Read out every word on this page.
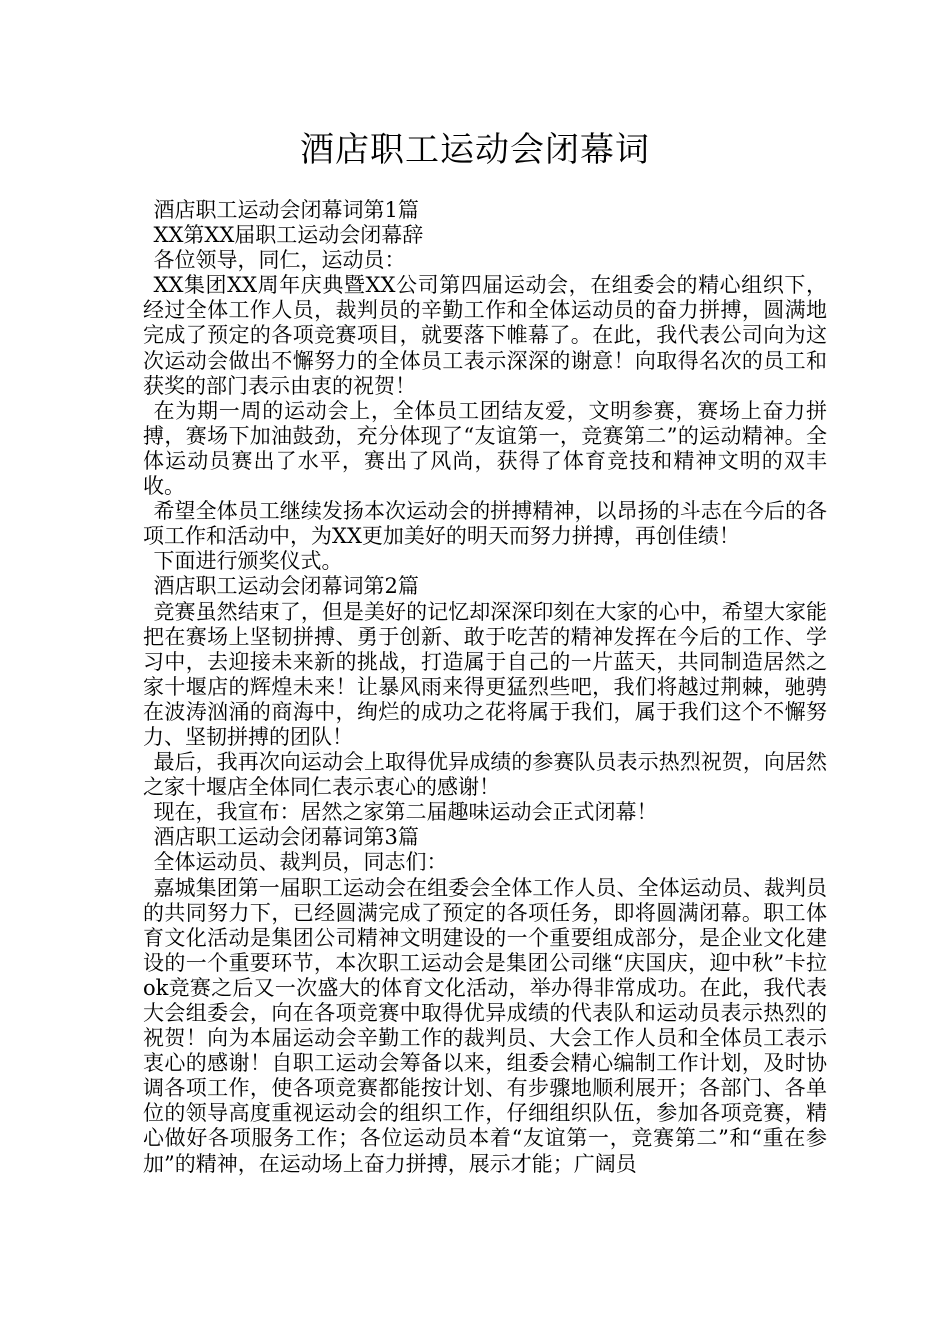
酒店职工运动会闭幕词

酒店职工运动会闭幕词第1篇

XX第XX届职工运动会闭幕辞

各位领导，同仁，运动员：

XX集团XX周年庆典暨XX公司第四届运动会，在组委会的精心组织下，经过全体工作人员，裁判员的辛勤工作和全体运动员的奋力拼搏，圆满地完成了预定的各项竞赛项目，就要落下帷幕了。在此，我代表公司向为这次运动会做出不懈努力的全体员工表示深深的谢意！向取得名次的员工和获奖的部门表示由衷的祝贺！

在为期一周的运动会上，全体员工团结友爱，文明参赛，赛场上奋力拼搏，赛场下加油鼓劲，充分体现了“友谊第一，竞赛第二”的运动精神。全体运动员赛出了水平，赛出了风尚，获得了体育竞技和精神文明的双丰收。

希望全体员工继续发扬本次运动会的拼搏精神，以昂扬的斗志在今后的各项工作和活动中，为XX更加美好的明天而努力拼搏，再创佳绩！

下面进行颁奖仪式。

酒店职工运动会闭幕词第2篇

竞赛虽然结束了，但是美好的记忆却深深印刻在大家的心中，希望大家能把在赛场上坚韧拼搏、勇于创新、敢于吃苦的精神发挥在今后的工作、学习中，去迎接未来新的挑战，打造属于自己的一片蓝天，共同制造居然之家十堰店的辉煌未来！让暴风雨来得更猛烈些吧，我们将越过荆棘，驰骋在波涛汹涌的商海中，绚烂的成功之花将属于我们，属于我们这个不懈努力、坚韧拼搏的团队！

最后，我再次向运动会上取得优异成绩的参赛队员表示热烈祝贺，向居然之家十堰店全体同仁表示衷心的感谢！

现在，我宣布：居然之家第二届趣味运动会正式闭幕！

酒店职工运动会闭幕词第3篇

全体运动员、裁判员，同志们：

嘉城集团第一届职工运动会在组委会全体工作人员、全体运动员、裁判员的共同努力下，已经圆满完成了预定的各项任务，即将圆满闭幕。职工体育文化活动是集团公司精神文明建设的一个重要组成部分，是企业文化建设的一个重要环节，本次职工运动会是集团公司继“庆国庆，迎中秋”卡拉ok竞赛之后又一次盛大的体育文化活动，举办得非常成功。在此，我代表大会组委会，向在各项竞赛中取得优异成绩的代表队和运动员表示热烈的祝贺！向为本届运动会辛勤工作的裁判员、大会工作人员和全体员工表示衷心的感谢！自职工运动会筹备以来，组委会精心编制工作计划，及时协调各项工作，使各项竞赛都能按计划、有步骤地顺利展开；各部门、各单位的领导高度重视运动会的组织工作，仔细组织队伍，参加各项竞赛，精心做好各项服务工作；各位运动员本着“友谊第一，竞赛第二”和“重在参加”的精神，在运动场上奋力拼搏，展示才能；广阔员
